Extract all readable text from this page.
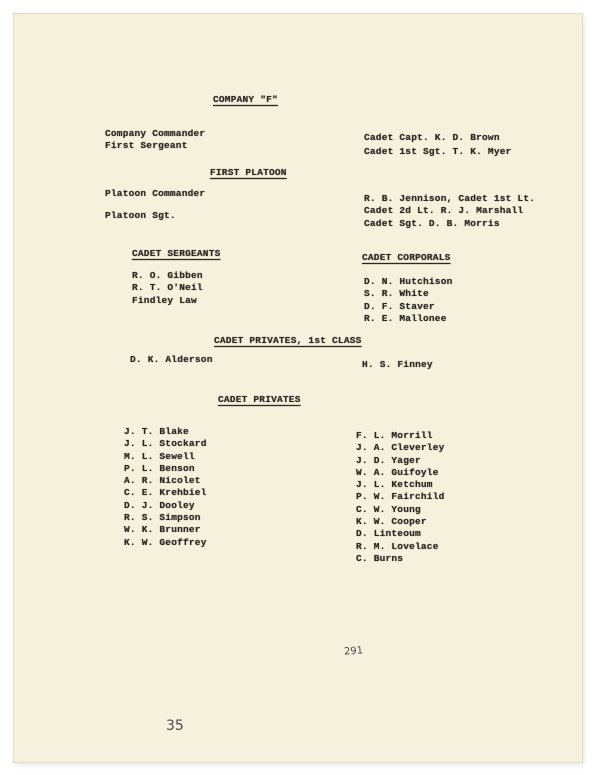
COMPANY "F"
Company Commander
First Sergeant
Cadet Capt. K. D. Brown
Cadet 1st Sgt. T. K. Myer
FIRST PLATOON
Platoon Commander
Platoon Sgt.
R. B. Jennison, Cadet 1st Lt.
Cadet 2d Lt. R. J. Marshall
Cadet Sgt. D. B. Morris
CADET SERGEANTS	CADET CORPORALS
R. O. Gibben
R. T. O'Neil
Findley Law
D. N. Hutchison
S. R. White
D. F. Staver
R. E. Mallonee
CADET PRIVATES, 1st CLASS
D. K. Alderson	H. S. Finney
CADET PRIVATES
J. T. Blake
J. L. Stockard
M. L. Sewell
P. L. Benson
A. R. Nicolet
C. E. Krehbiel
D. J. Dooley
R. S. Simpson
W. K. Brunner
K. W. Geoffrey
F. L. Morrill
J. A. Cleverley
J. D. Yager
W. A. Guifoyle
J. L. Ketchum
P. W. Fairchild
C. W. Young
K. W. Cooper
D. Linteoum
R. M. Lovelace
C. Burns
291
35
